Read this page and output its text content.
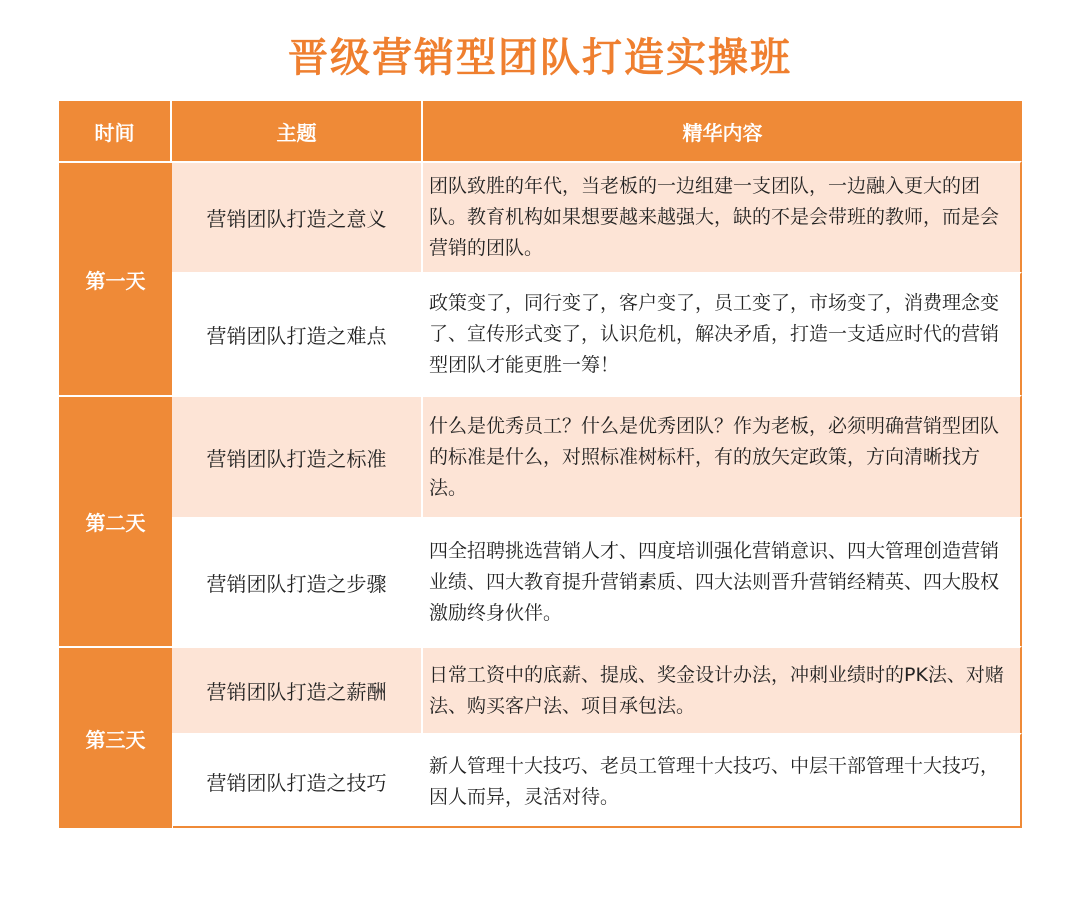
晋级营销型团队打造实操班
时间	主题	精华内容
第一天
第二天
第三天
营销团队打造之意义
团队致胜的年代，当老板的一边组建一支团队，一边融入更大的团队。教育机构如果想要越来越强大，缺的不是会带班的教师，而是会营销的团队。
营销团队打造之难点
政策变了，同行变了，客户变了，员工变了，市场变了，消费理念变了、宣传形式变了，认识危机，解决矛盾，打造一支适应时代的营销型团队才能更胜一筹！
营销团队打造之标准
什么是优秀员工？什么是优秀团队？作为老板，必须明确营销型团队的标准是什么，对照标准树标杆，有的放矢定政策，方向清晰找方法。
营销团队打造之步骤
四全招聘挑选营销人才、四度培训强化营销意识、四大管理创造营销业绩、四大教育提升营销素质、四大法则晋升营销经精英、四大股权激励终身伙伴。
营销团队打造之薪酬
日常工资中的底薪、提成、奖金设计办法，冲刺业绩时的PK法、对赌法、购买客户法、项目承包法。
营销团队打造之技巧
新人管理十大技巧、老员工管理十大技巧、中层干部管理十大技巧，因人而异，灵活对待。
